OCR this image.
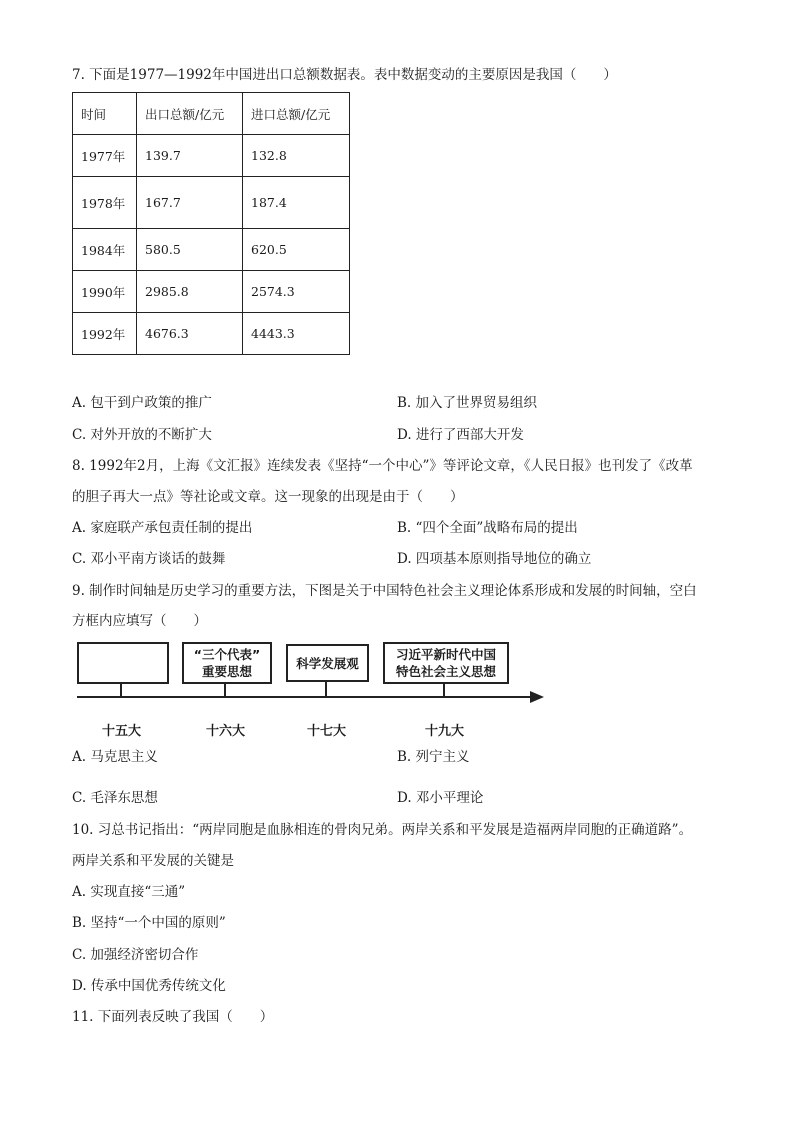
7. 下面是1977—1992年中国进出口总额数据表。表中数据变动的主要原因是我国（　　）
时间	出口总额/亿元	进口总额/亿元
1977年	139.7	132.8
1978年	167.7	187.4
1984年	580.5	620.5
1990年	2985.8	2574.3
1992年	4676.3	4443.3
A. 包干到户政策的推广	B. 加入了世界贸易组织
C. 对外开放的不断扩大	D. 进行了西部大开发
8. 1992年2月，上海《文汇报》连续发表《坚持“一个中心”》等评论文章，《人民日报》也刊发了《改革
的胆子再大一点》等社论或文章。这一现象的出现是由于（　　）
A. 家庭联产承包责任制的提出	B. “四个全面”战略布局的提出
C. 邓小平南方谈话的鼓舞	D. 四项基本原则指导地位的确立
9. 制作时间轴是历史学习的重要方法，下图是关于中国特色社会主义理论体系形成和发展的时间轴，空白
方框内应填写（　　）
“三个代表”
重要思想
科学发展观
习近平新时代中国
特色社会主义思想
十五大	十六大	十七大	十九大
A. 马克思主义	B. 列宁主义
C. 毛泽东思想	D. 邓小平理论
10. 习总书记指出：“两岸同胞是血脉相连的骨肉兄弟。两岸关系和平发展是造福两岸同胞的正确道路”。
两岸关系和平发展的关键是
A. 实现直接“三通”
B. 坚持“一个中国的原则”
C. 加强经济密切合作
D. 传承中国优秀传统文化
11. 下面列表反映了我国（　　）
